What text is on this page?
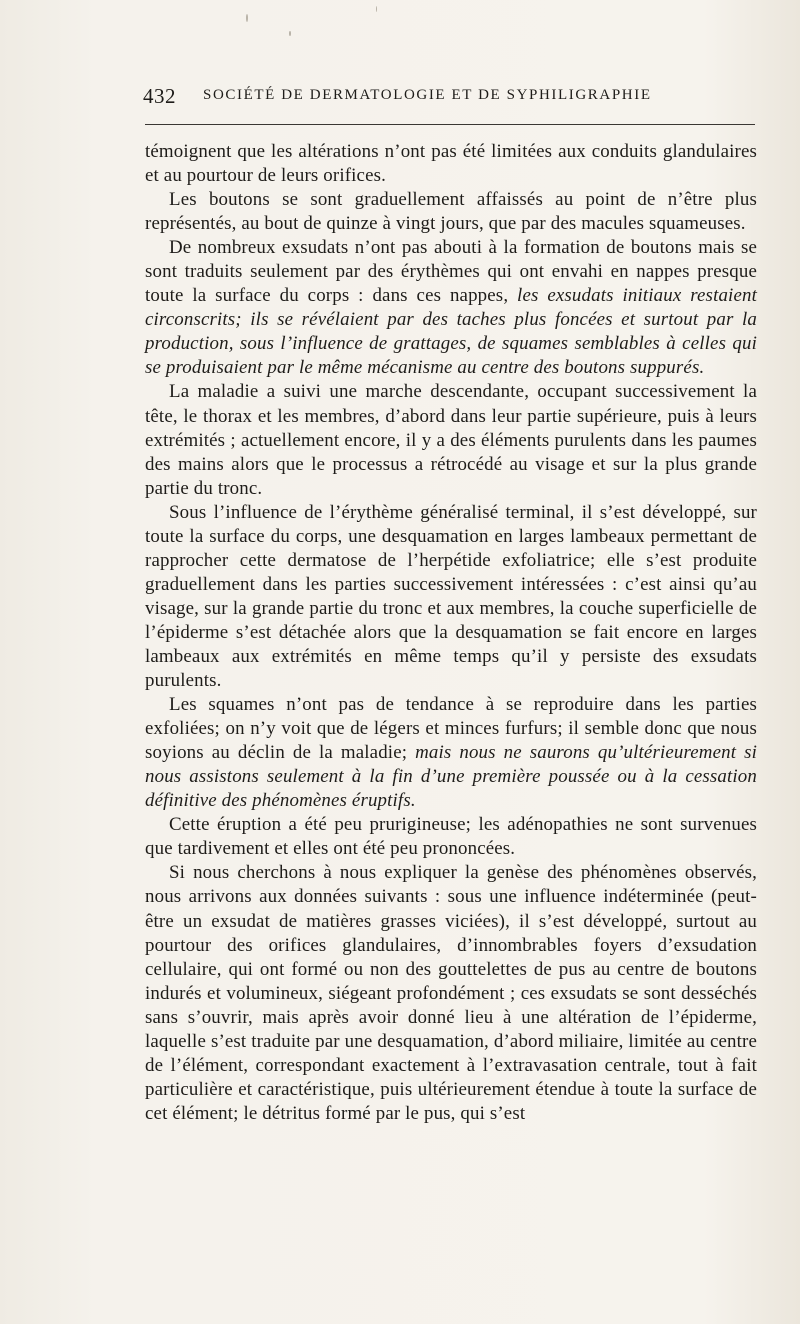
432 SOCIÉTÉ DE DERMATOLOGIE ET DE SYPHILIGRAPHIE

témoignent que les altérations n’ont pas été limitées aux conduits glandulaires et au pourtour de leurs orifices.

Les boutons se sont graduellement affaissés au point de n’être plus représentés, au bout de quinze à vingt jours, que par des macules squameuses.

De nombreux exsudats n’ont pas abouti à la formation de boutons mais se sont traduits seulement par des érythèmes qui ont envahi en nappes presque toute la surface du corps : dans ces nappes, les exsudats initiaux restaient circonscrits; ils se révélaient par des taches plus foncées et surtout par la production, sous l’influence de grattages, de squames semblables à celles qui se produisaient par le même mécanisme au centre des boutons suppurés.

La maladie a suivi une marche descendante, occupant successivement la tête, le thorax et les membres, d’abord dans leur partie supérieure, puis à leurs extrémités ; actuellement encore, il y a des éléments purulents dans les paumes des mains alors que le processus a rétrocédé au visage et sur la plus grande partie du tronc.

Sous l’influence de l’érythème généralisé terminal, il s’est développé, sur toute la surface du corps, une desquamation en larges lambeaux permettant de rapprocher cette dermatose de l’herpétide exfoliatrice; elle s’est produite graduellement dans les parties successivement intéressées : c’est ainsi qu’au visage, sur la grande partie du tronc et aux membres, la couche superficielle de l’épiderme s’est détachée alors que la desquamation se fait encore en larges lambeaux aux extrémités en même temps qu’il y persiste des exsudats purulents.

Les squames n’ont pas de tendance à se reproduire dans les parties exfoliées; on n’y voit que de légers et minces furfurs; il semble donc que nous soyions au déclin de la maladie; mais nous ne saurons qu’ultérieurement si nous assistons seulement à la fin d’une première poussée ou à la cessation définitive des phénomènes éruptifs.

Cette éruption a été peu prurigineuse; les adénopathies ne sont survenues que tardivement et elles ont été peu prononcées.

Si nous cherchons à nous expliquer la genèse des phénomènes observés, nous arrivons aux données suivants : sous une influence indéterminée (peut-être un exsudat de matières grasses viciées), il s’est développé, surtout au pourtour des orifices glandulaires, d’innombrables foyers d’exsudation cellulaire, qui ont formé ou non des gouttelettes de pus au centre de boutons indurés et volumineux, siégeant profondément ; ces exsudats se sont desséchés sans s’ouvrir, mais après avoir donné lieu à une altération de l’épiderme, laquelle s’est traduite par une desquamation, d’abord miliaire, limitée au centre de l’élément, correspondant exactement à l’extravasation centrale, tout à fait particulière et caractéristique, puis ultérieurement étendue à toute la surface de cet élément; le détritus formé par le pus, qui s’est
